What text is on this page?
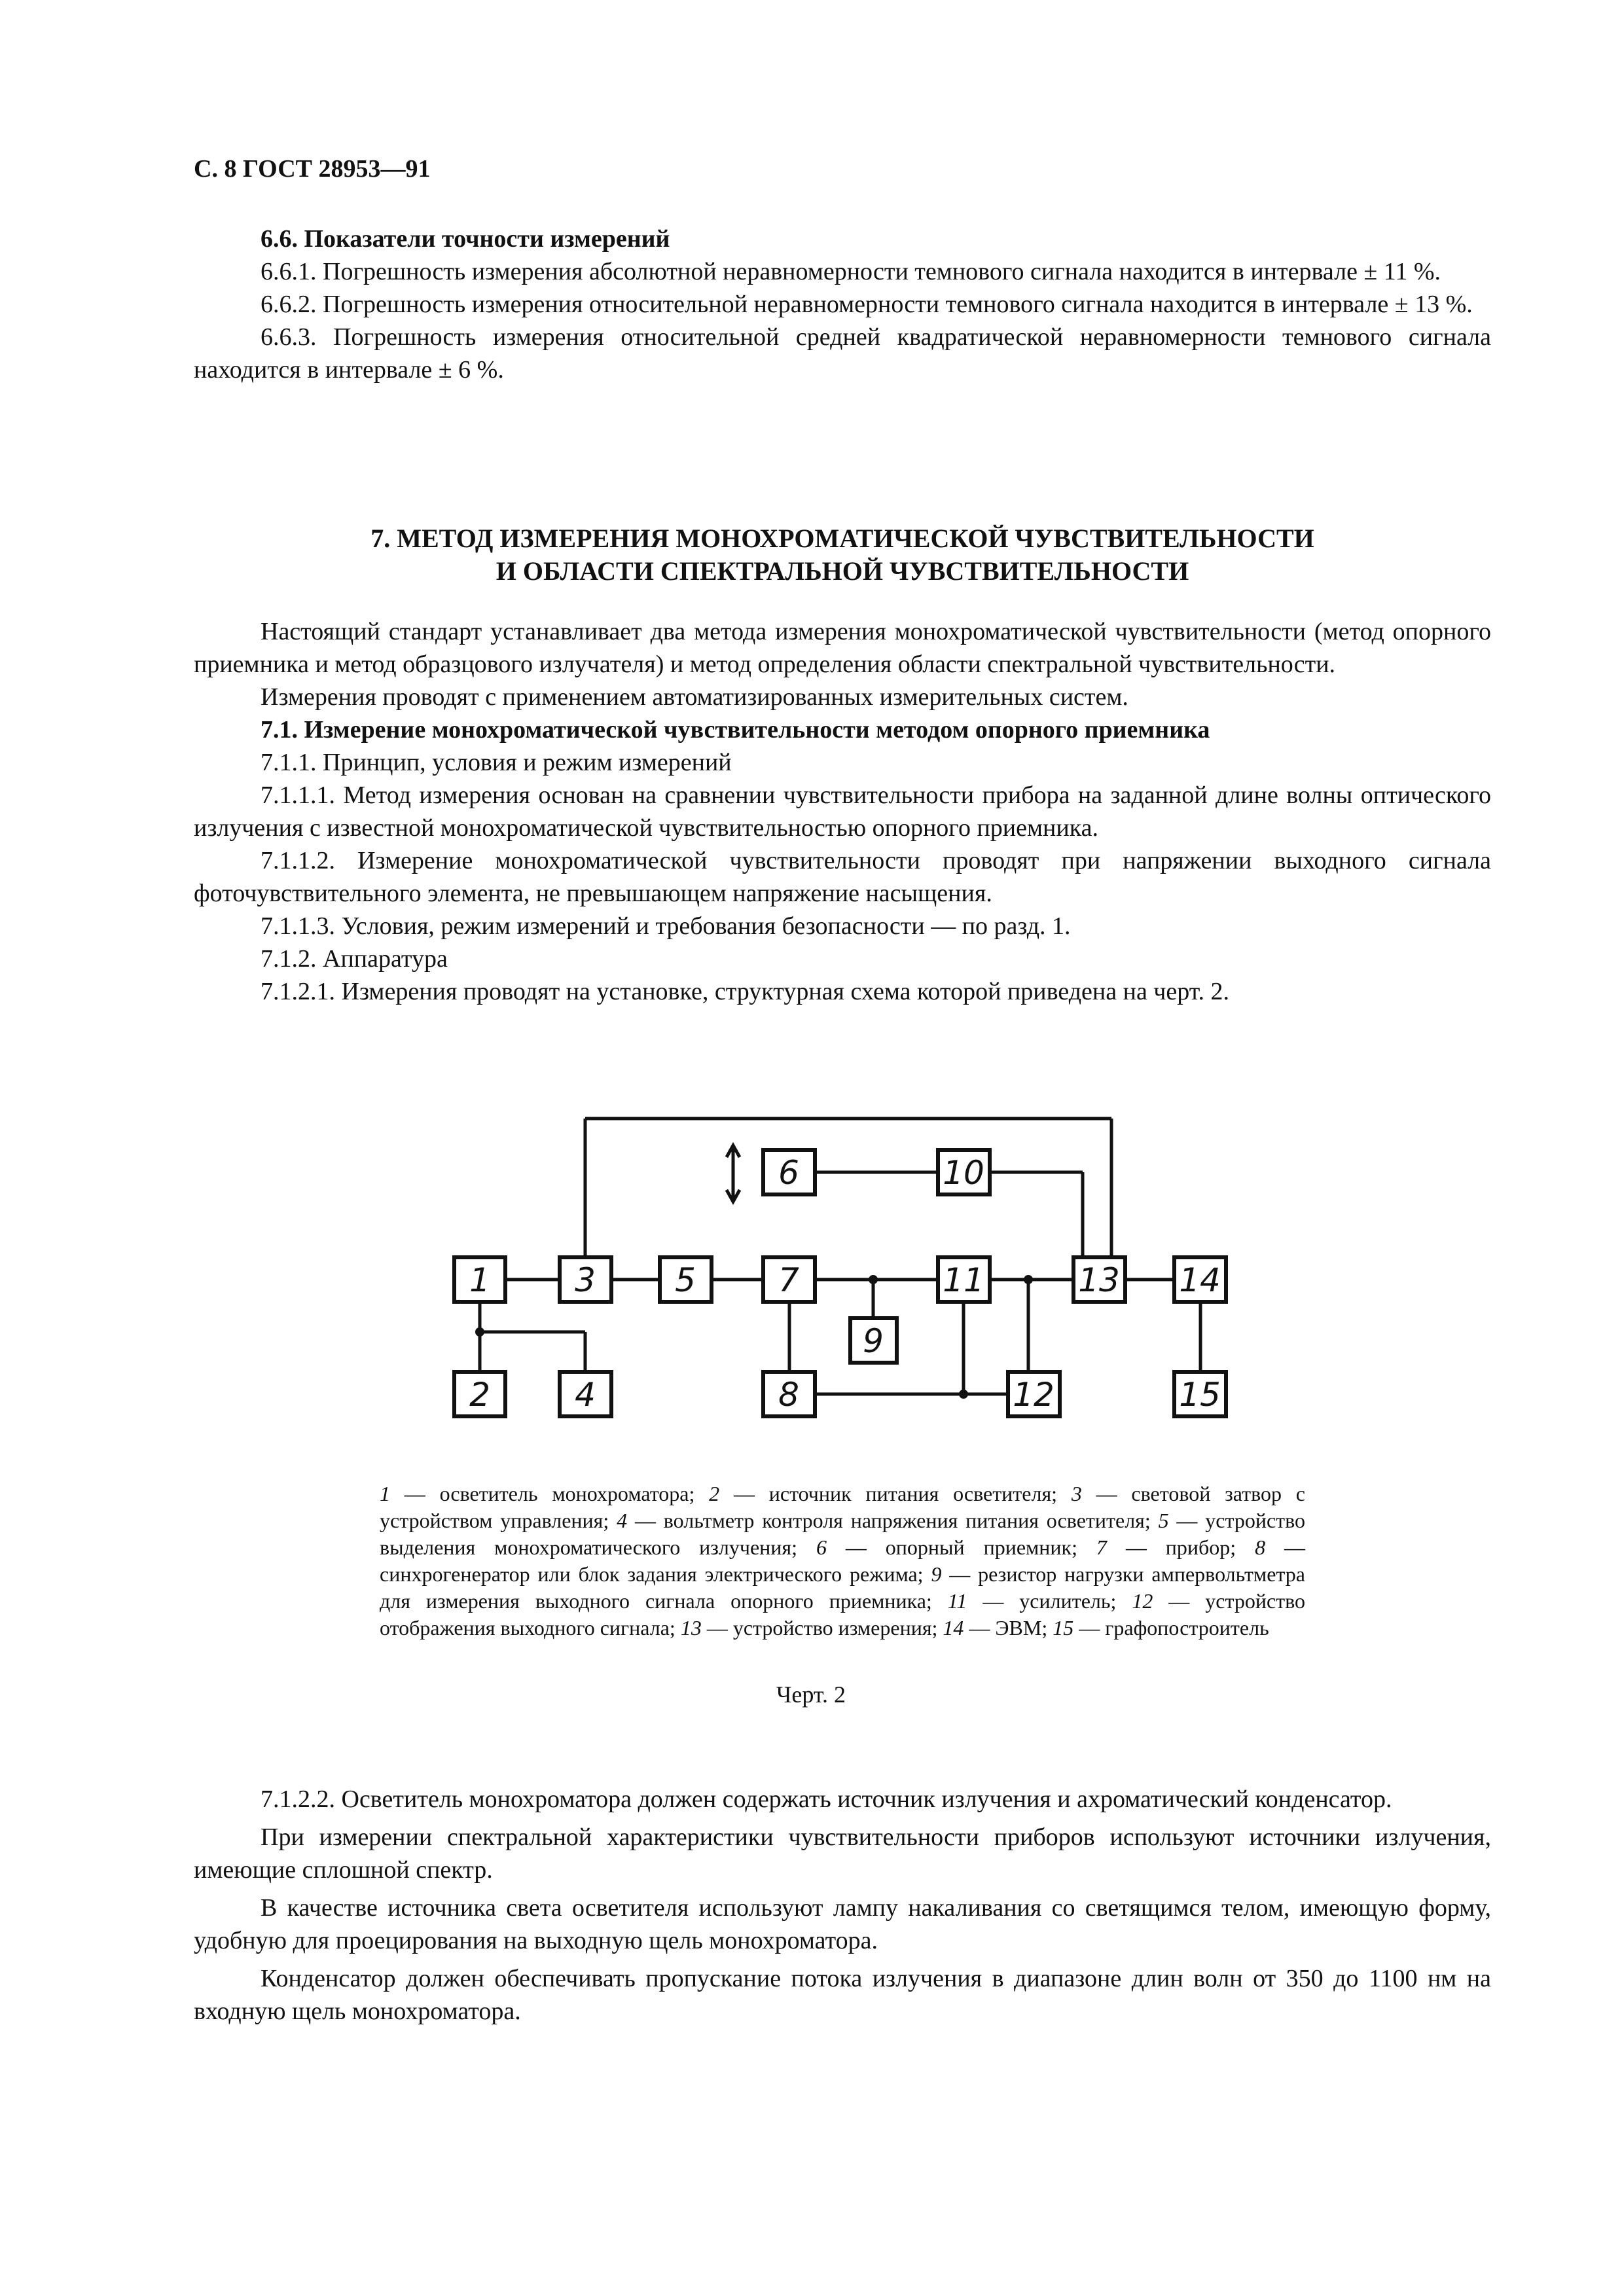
С. 8 ГОСТ 28953—91

6.6. Показатели точности измерений

6.6.1. Погрешность измерения абсолютной неравномерности темнового сигнала находится в интервале ± 11 %.

6.6.2. Погрешность измерения относительной неравномерности темнового сигнала находится в интервале ± 13 %.

6.6.3. Погрешность измерения относительной средней квадратической неравномерности темнового сигнала находится в интервале ± 6 %.

7. МЕТОД ИЗМЕРЕНИЯ МОНОХРОМАТИЧЕСКОЙ ЧУВСТВИТЕЛЬНОСТИ
И ОБЛАСТИ СПЕКТРАЛЬНОЙ ЧУВСТВИТЕЛЬНОСТИ

Настоящий стандарт устанавливает два метода измерения монохроматической чувствительности (метод опорного приемника и метод образцового излучателя) и метод определения области спектральной чувствительности.

Измерения проводят с применением автоматизированных измерительных систем.

7.1. Измерение монохроматической чувствительности методом опорного приемника

7.1.1. Принцип, условия и режим измерений

7.1.1.1. Метод измерения основан на сравнении чувствительности прибора на заданной длине волны оптического излучения с известной монохроматической чувствительностью опорного приемника.

7.1.1.2. Измерение монохроматической чувствительности проводят при напряжении выходного сигнала фоточувствительного элемента, не превышающем напряжение насыщения.

7.1.1.3. Условия, режим измерений и требования безопасности — по разд. 1.

7.1.2. Аппаратура

7.1.2.1. Измерения проводят на установке, структурная схема которой приведена на черт. 2.

1
2
3
4
5
6
7
8
9
10
11
12
13 14
15
1 — осветитель монохроматора; 2 — источник питания осветителя; 3 — световой затвор с устройством управления; 4 — вольтметр контроля напряжения питания осветителя; 5 — устройство выделения монохроматического излучения; 6 — опорный приемник; 7 — прибор; 8 — синхрогенератор или блок задания электрического режима; 9 — резистор нагрузки ампервольтметра для измерения выходного сигнала опорного приемника; 11 — усилитель; 12 — устройство отображения выходного сигнала; 13 — устройство измерения; 14 — ЭВМ; 15 — графопостроитель
Черт. 2

7.1.2.2. Осветитель монохроматора должен содержать источник излучения и ахроматический конденсатор.

При измерении спектральной характеристики чувствительности приборов используют источники излучения, имеющие сплошной спектр.

В качестве источника света осветителя используют лампу накаливания со светящимся телом, имеющую форму, удобную для проецирования на выходную щель монохроматора.

Конденсатор должен обеспечивать пропускание потока излучения в диапазоне длин волн от 350 до 1100 нм на входную щель монохроматора.
